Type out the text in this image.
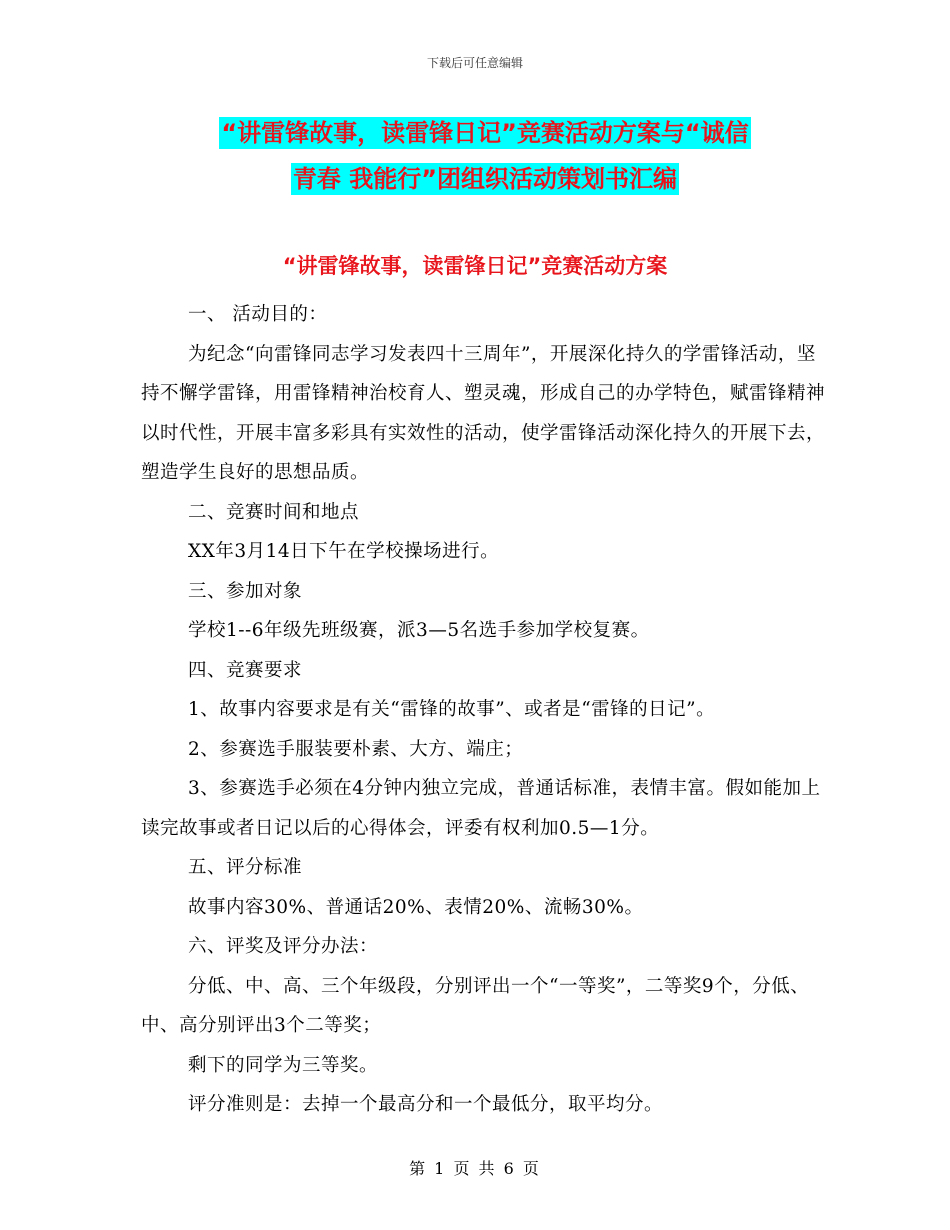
下载后可任意编辑
“讲雷锋故事，读雷锋日记”竞赛活动方案与“诚信
青春 我能行”团组织活动策划书汇编
“讲雷锋故事，读雷锋日记”竞赛活动方案

一、 活动目的：

为纪念“向雷锋同志学习发表四十三周年”，开展深化持久的学雷锋活动，坚持不懈学雷锋，用雷锋精神治校育人、塑灵魂，形成自己的办学特色，赋雷锋精神以时代性，开展丰富多彩具有实效性的活动，使学雷锋活动深化持久的开展下去，塑造学生良好的思想品质。

二、竞赛时间和地点

XX年3月14日下午在学校操场进行。

三、参加对象

学校1--6年级先班级赛，派3—5名选手参加学校复赛。

四、竞赛要求

1、故事内容要求是有关“雷锋的故事”、或者是“雷锋的日记”。

2、参赛选手服装要朴素、大方、端庄；

3、参赛选手必须在4分钟内独立完成，普通话标准，表情丰富。假如能加上读完故事或者日记以后的心得体会，评委有权利加0.5—1分。

五、评分标准

故事内容30%、普通话20%、表情20%、流畅30%。

六、评奖及评分办法：

分低、中、高、三个年级段，分别评出一个“一等奖”，二等奖9个，分低、中、高分别评出3个二等奖；

剩下的同学为三等奖。

评分准则是：去掉一个最高分和一个最低分，取平均分。

第 1 页 共 6 页
